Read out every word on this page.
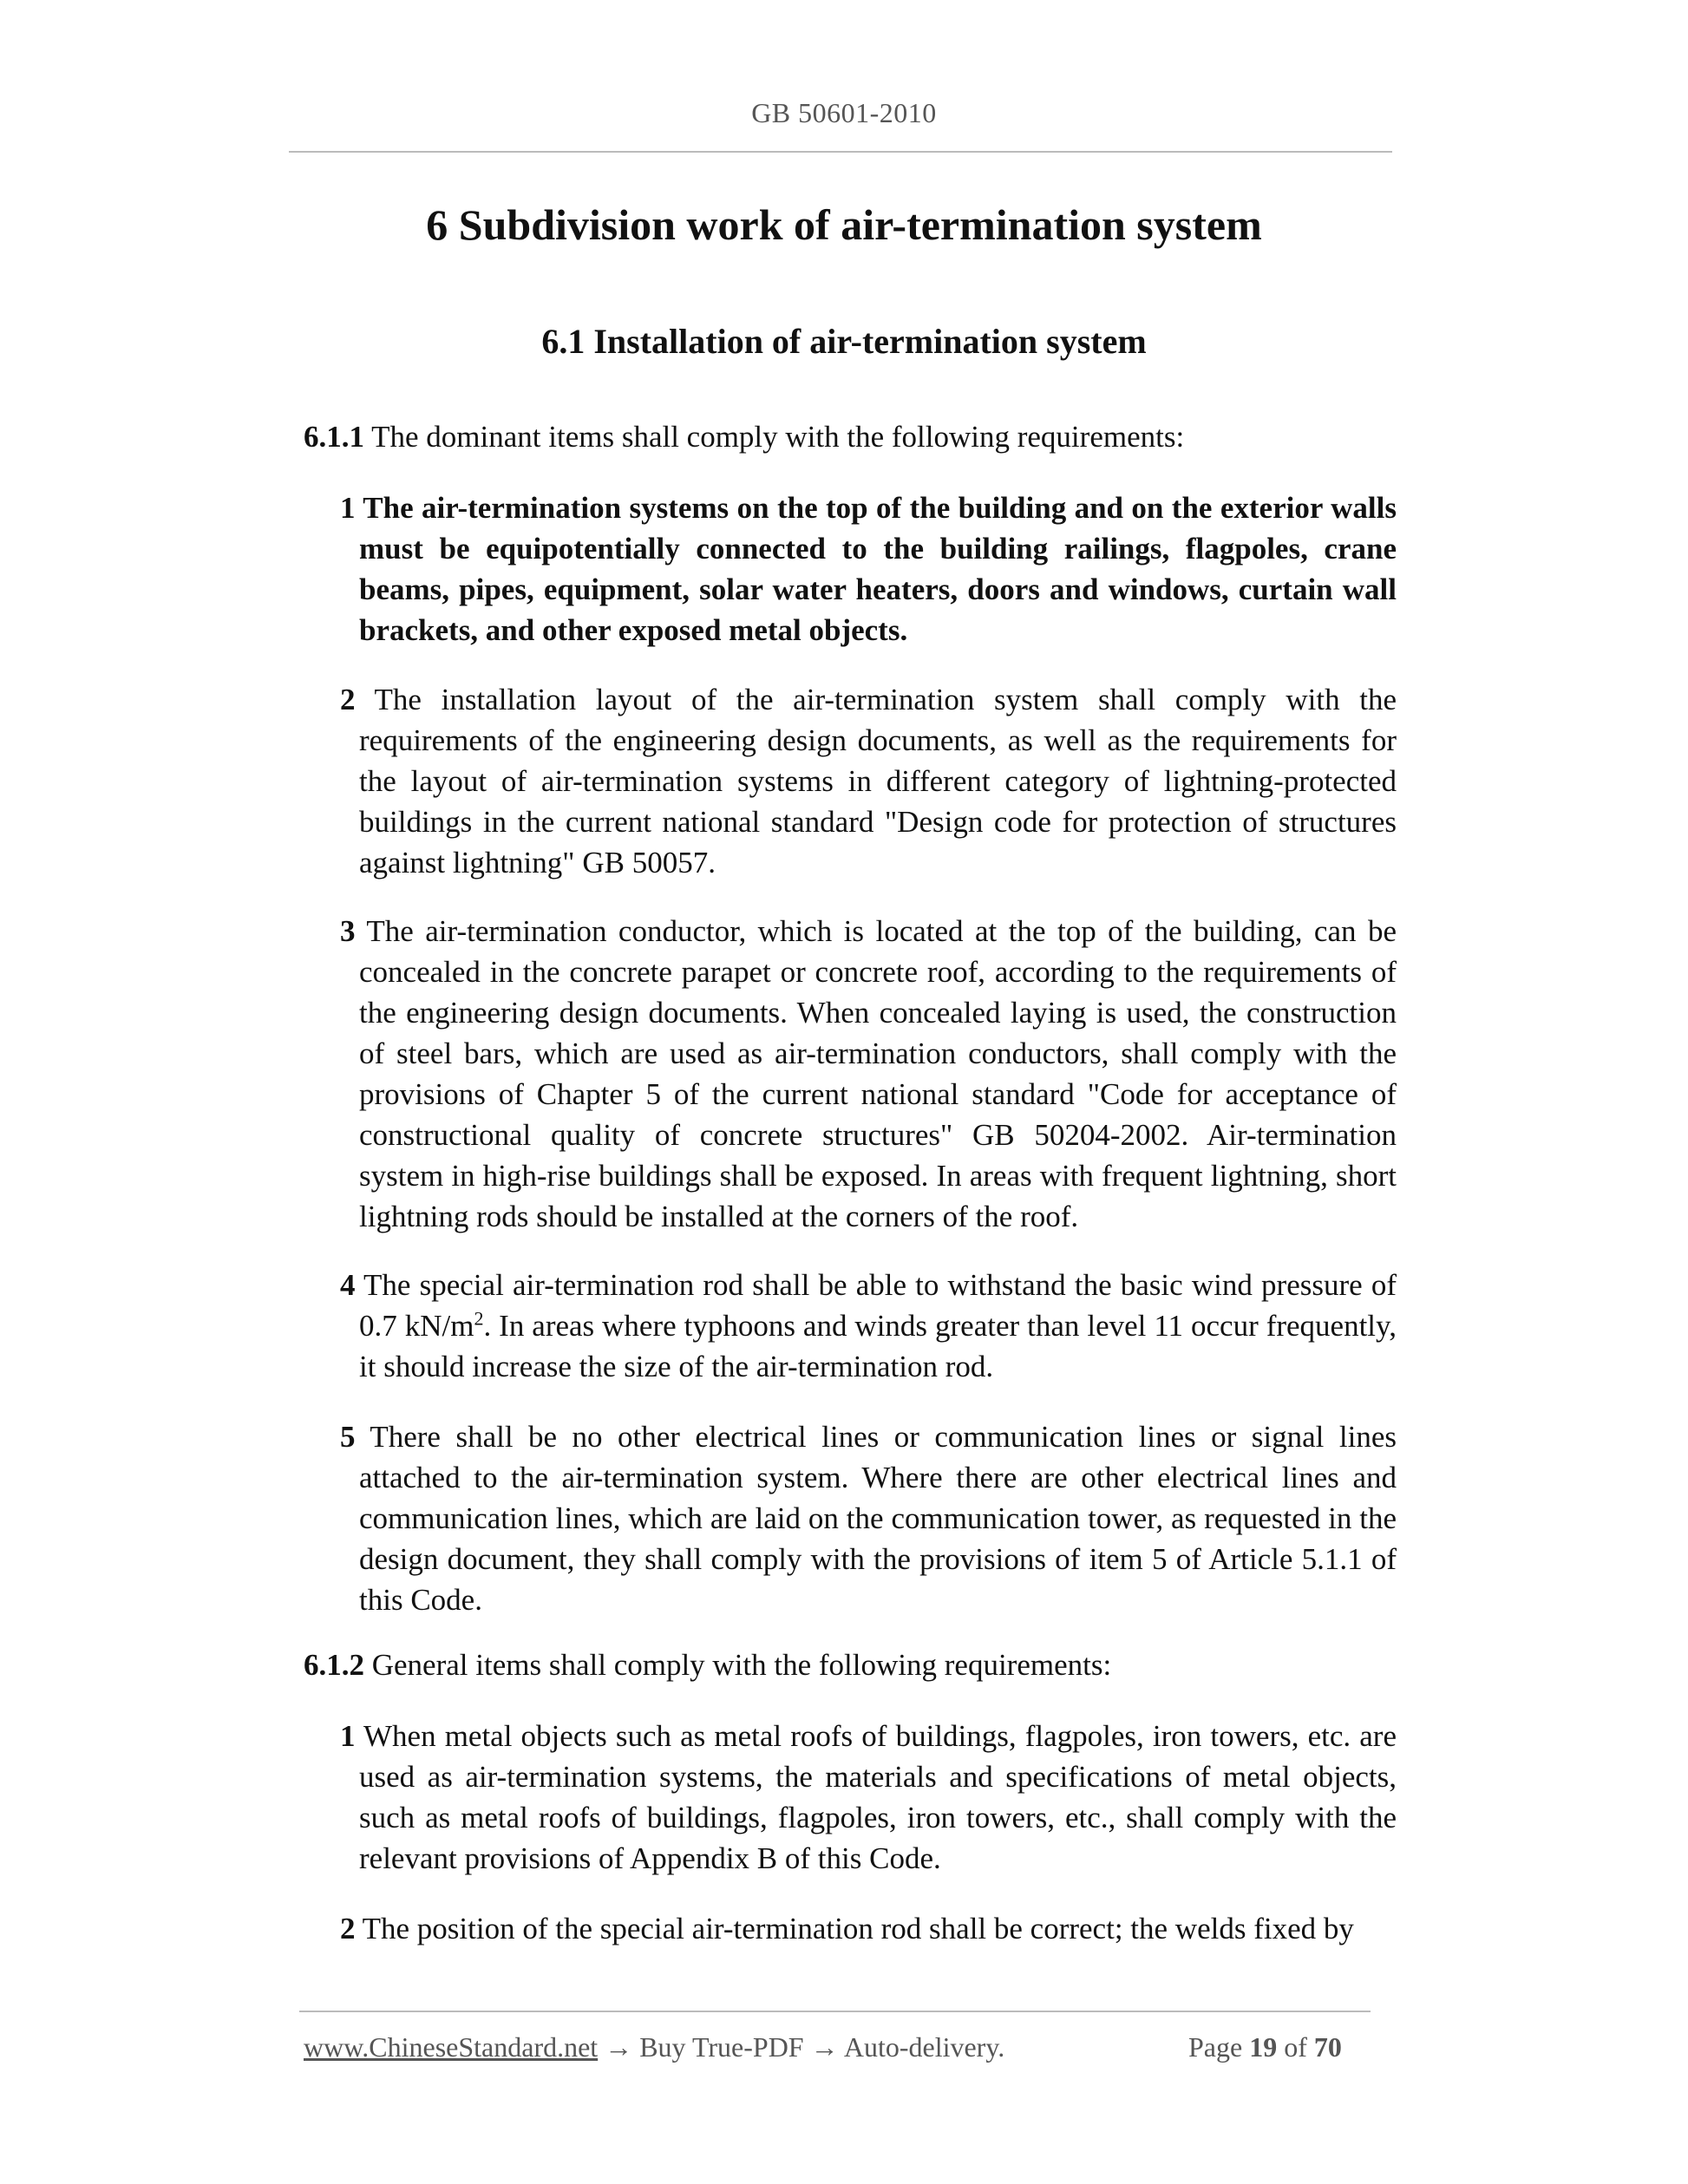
GB 50601-2010
6 Subdivision work of air-termination system
6.1 Installation of air-termination system

6.1.1 The dominant items shall comply with the following requirements:

1 The air-termination systems on the top of the building and on the exterior walls must be equipotentially connected to the building railings, flagpoles, crane beams, pipes, equipment, solar water heaters, doors and windows, curtain wall brackets, and other exposed metal objects.

2 The installation layout of the air-termination system shall comply with the requirements of the engineering design documents, as well as the requirements for the layout of air-termination systems in different category of lightning-protected buildings in the current national standard "Design code for protection of structures against lightning" GB 50057.

3 The air-termination conductor, which is located at the top of the building, can be concealed in the concrete parapet or concrete roof, according to the requirements of the engineering design documents. When concealed laying is used, the construction of steel bars, which are used as air-termination conductors, shall comply with the provisions of Chapter 5 of the current national standard "Code for acceptance of constructional quality of concrete structures" GB 50204-2002. Air-termination system in high-rise buildings shall be exposed. In areas with frequent lightning, short lightning rods should be installed at the corners of the roof.

4 The special air-termination rod shall be able to withstand the basic wind pressure of 0.7 $kN/m^2$. In areas where typhoons and winds greater than level 11 occur frequently, it should increase the size of the air-termination rod.

5 There shall be no other electrical lines or communication lines or signal lines attached to the air-termination system. Where there are other electrical lines and communication lines, which are laid on the communication tower, as requested in the design document, they shall comply with the provisions of item 5 of Article 5.1.1 of this Code.

6.1.2 General items shall comply with the following requirements:

1 When metal objects such as metal roofs of buildings, flagpoles, iron towers, etc. are used as air-termination systems, the materials and specifications of metal objects, such as metal roofs of buildings, flagpoles, iron towers, etc., shall comply with the relevant provisions of Appendix B of this Code.

2 The position of the special air-termination rod shall be correct; the welds fixed by

www.ChineseStandard.net → Buy True-PDF → Auto-delivery.	Page 19 of 70
